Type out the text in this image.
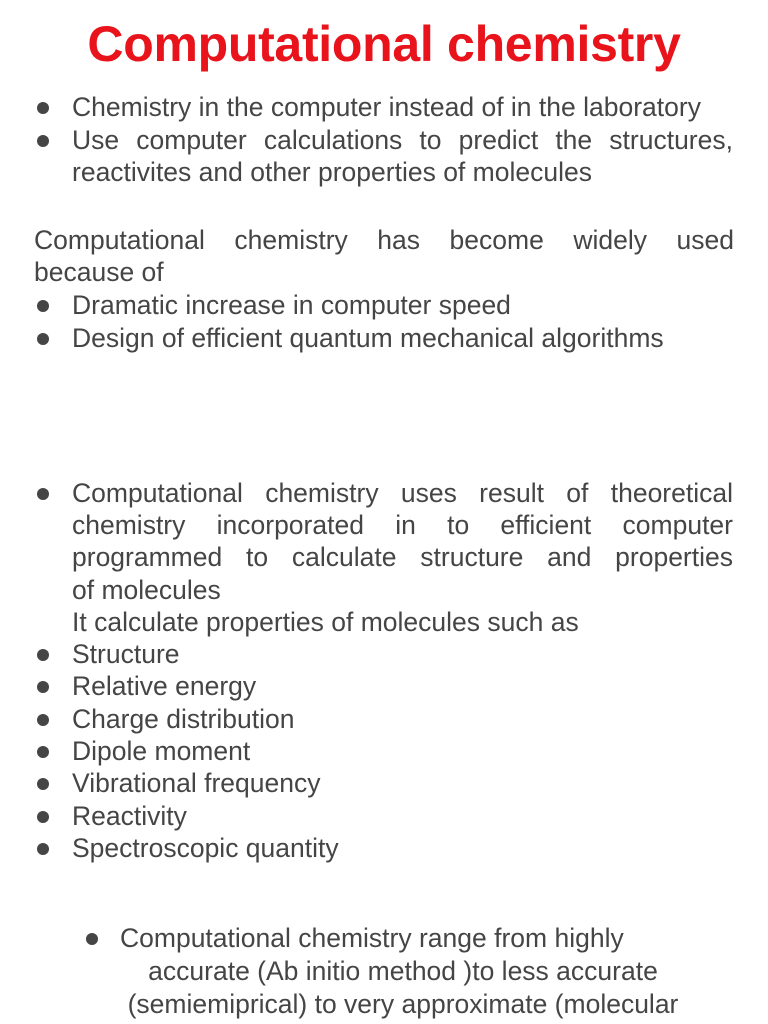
Computational chemistry
Chemistry in the computer instead of in the laboratory
Use computer calculations to predict the structures,
reactivites and other properties of molecules
Computational chemistry has become widely used
because of
Dramatic increase in computer speed
Design of efficient quantum mechanical algorithms
Computational chemistry uses result of theoretical
chemistry incorporated in to efficient computer
programmed to calculate structure and properties
of molecules
It calculate properties of molecules such as
Structure
Relative energy
Charge distribution
Dipole moment
Vibrational frequency
Reactivity
Spectroscopic quantity
Computational chemistry range from highly
accurate (Ab initio method )to less accurate
(semiemiprical) to very approximate (molecular
